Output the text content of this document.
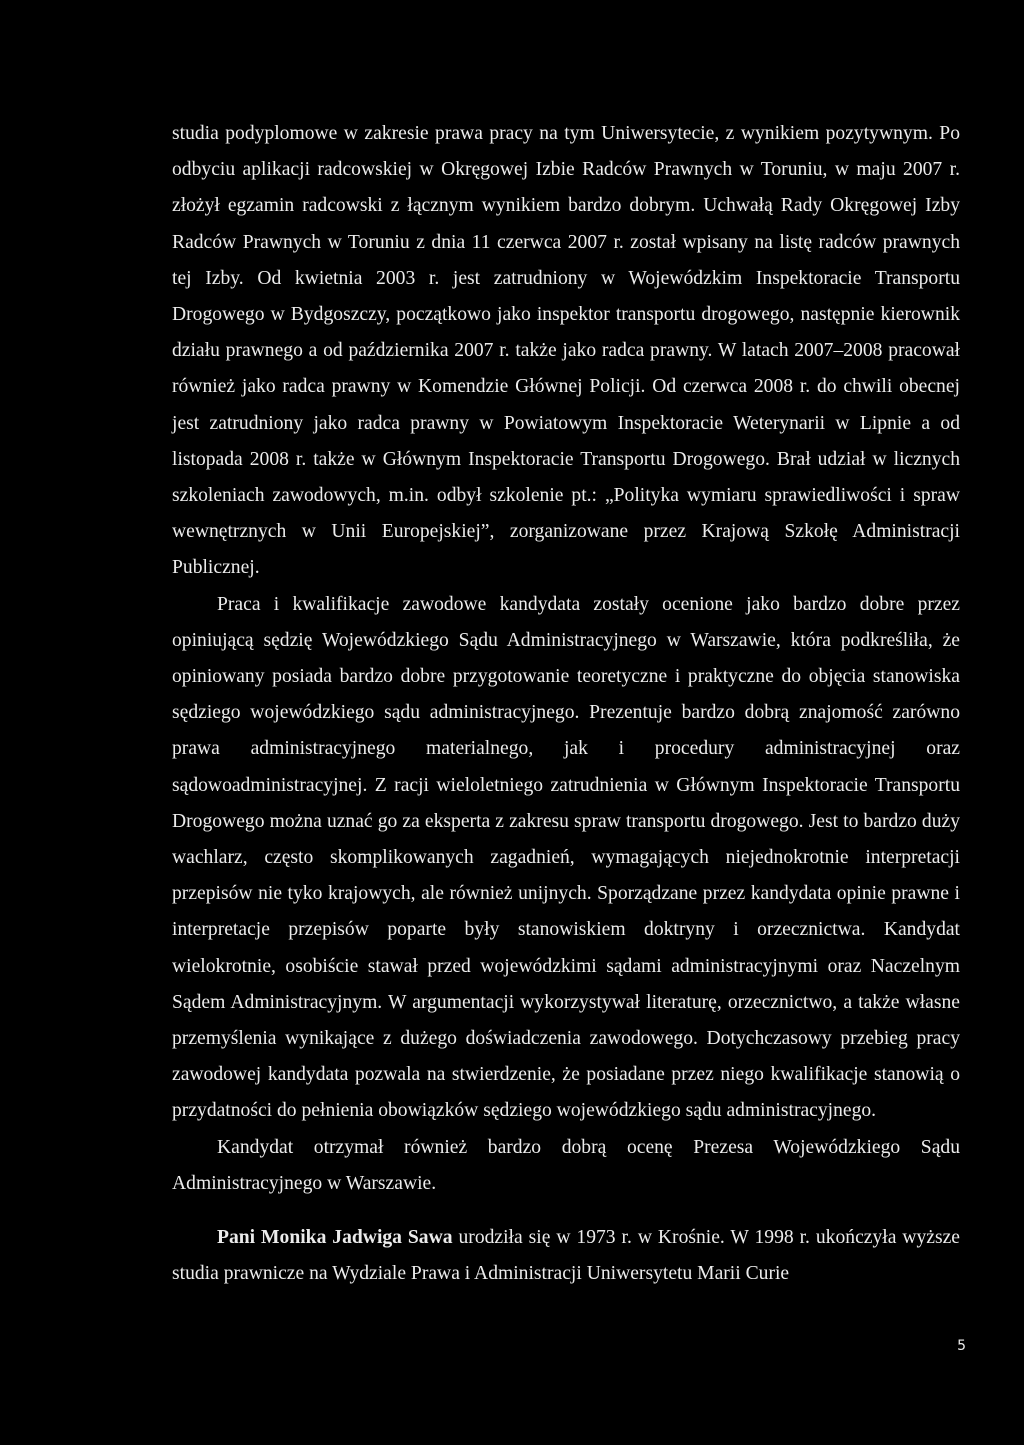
studia podyplomowe w zakresie prawa pracy na tym Uniwersytecie, z wynikiem pozytywnym. Po odbyciu aplikacji radcowskiej w Okręgowej Izbie Radców Prawnych w Toruniu, w maju 2007 r. złożył egzamin radcowski z łącznym wynikiem bardzo dobrym. Uchwałą Rady Okręgowej Izby Radców Prawnych w Toruniu z dnia 11 czerwca 2007 r. został wpisany na listę radców prawnych tej Izby. Od kwietnia 2003 r. jest zatrudniony w Wojewódzkim Inspektoracie Transportu Drogowego w Bydgoszczy, początkowo jako inspektor transportu drogowego, następnie kierownik działu prawnego a od października 2007 r. także jako radca prawny. W latach 2007–2008 pracował również jako radca prawny w Komendzie Głównej Policji. Od czerwca 2008 r. do chwili obecnej jest zatrudniony jako radca prawny w Powiatowym Inspektoracie Weterynarii w Lipnie a od listopada 2008 r. także w Głównym Inspektoracie Transportu Drogowego. Brał udział w licznych szkoleniach zawodowych, m.in. odbył szkolenie pt.: „Polityka wymiaru sprawiedliwości i spraw wewnętrznych w Unii Europejskiej”, zorganizowane przez Krajową Szkołę Administracji Publicznej.

Praca i kwalifikacje zawodowe kandydata zostały ocenione jako bardzo dobre przez opiniującą sędzię Wojewódzkiego Sądu Administracyjnego w Warszawie, która podkreśliła, że opiniowany posiada bardzo dobre przygotowanie teoretyczne i praktyczne do objęcia stanowiska sędziego wojewódzkiego sądu administracyjnego. Prezentuje bardzo dobrą znajomość zarówno prawa administracyjnego materialnego, jak i procedury administracyjnej oraz sądowoadministracyjnej. Z racji wieloletniego zatrudnienia w Głównym Inspektoracie Transportu Drogowego można uznać go za eksperta z zakresu spraw transportu drogowego. Jest to bardzo duży wachlarz, często skomplikowanych zagadnień, wymagających niejednokrotnie interpretacji przepisów nie tyko krajowych, ale również unijnych. Sporządzane przez kandydata opinie prawne i interpretacje przepisów poparte były stanowiskiem doktryny i orzecznictwa. Kandydat wielokrotnie, osobiście stawał przed wojewódzkimi sądami administracyjnymi oraz Naczelnym Sądem Administracyjnym. W argumentacji wykorzystywał literaturę, orzecznictwo, a także własne przemyślenia wynikające z dużego doświadczenia zawodowego. Dotychczasowy przebieg pracy zawodowej kandydata pozwala na stwierdzenie, że posiadane przez niego kwalifikacje stanowią o przydatności do pełnienia obowiązków sędziego wojewódzkiego sądu administracyjnego.

Kandydat otrzymał również bardzo dobrą ocenę Prezesa Wojewódzkiego Sądu Administracyjnego w Warszawie.

Pani Monika Jadwiga Sawa urodziła się w 1973 r. w Krośnie. W 1998 r. ukończyła wyższe studia prawnicze na Wydziale Prawa i Administracji Uniwersytetu Marii Curie

5
